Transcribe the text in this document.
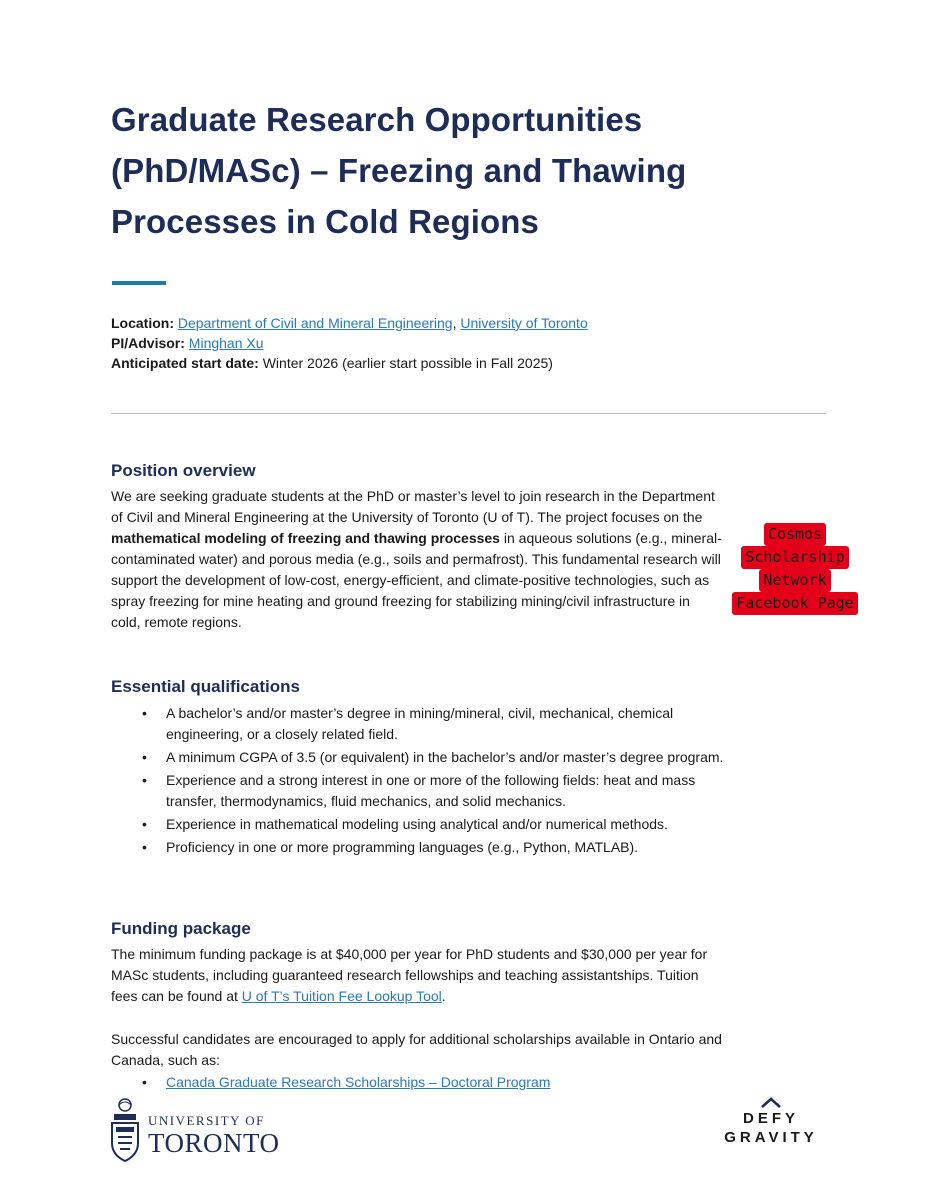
Graduate Research Opportunities (PhD/MASc) – Freezing and Thawing Processes in Cold Regions
Location: Department of Civil and Mineral Engineering, University of Toronto
PI/Advisor: Minghan Xu
Anticipated start date: Winter 2026 (earlier start possible in Fall 2025)
Position overview

We are seeking graduate students at the PhD or master’s level to join research in the Department of Civil and Mineral Engineering at the University of Toronto (U of T). The project focuses on the mathematical modeling of freezing and thawing processes in aqueous solutions (e.g., mineral-contaminated water) and porous media (e.g., soils and permafrost). This fundamental research will support the development of low-cost, energy-efficient, and climate-positive technologies, such as spray freezing for mine heating and ground freezing for stabilizing mining/civil infrastructure in cold, remote regions.

Cosmos
Scholarship
Network
Facebook Page
Essential qualifications
• A bachelor’s and/or master’s degree in mining/mineral, civil, mechanical, chemical engineering, or a closely related field.
• A minimum CGPA of 3.5 (or equivalent) in the bachelor’s and/or master’s degree program.
• Experience and a strong interest in one or more of the following fields: heat and mass transfer, thermodynamics, fluid mechanics, and solid mechanics.
• Experience in mathematical modeling using analytical and/or numerical methods.
• Proficiency in one or more programming languages (e.g., Python, MATLAB).
Funding package

The minimum funding package is at $40,000 per year for PhD students and $30,000 per year for MASc students, including guaranteed research fellowships and teaching assistantships. Tuition fees can be found at U of T’s Tuition Fee Lookup Tool.

Successful candidates are encouraged to apply for additional scholarships available in Ontario and Canada, such as:

• Canada Graduate Research Scholarships – Doctoral Program
UNIVERSITY OF
TORONTO
DEFY
GRAVITY
